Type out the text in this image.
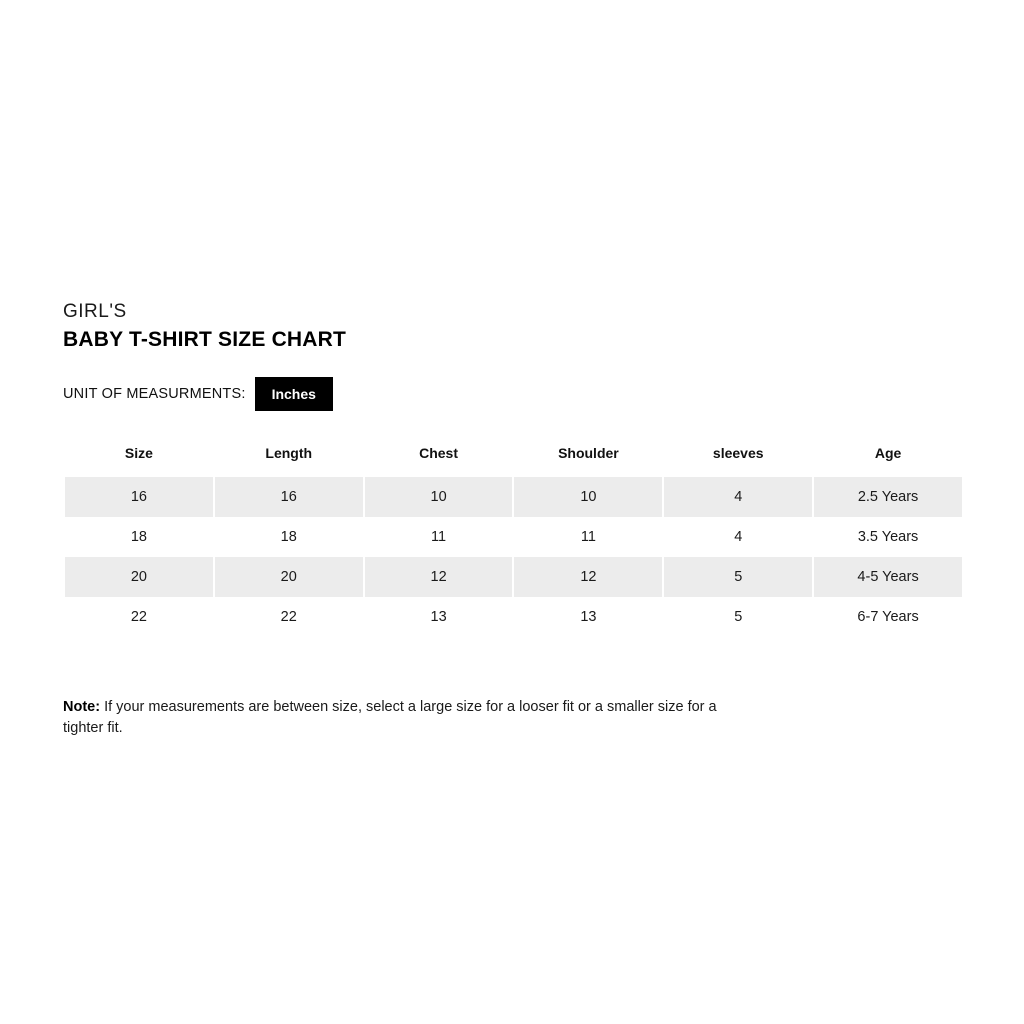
GIRL'S
BABY T-SHIRT SIZE CHART
UNIT OF MEASURMENTS:	Inches
Size	Length	Chest	Shoulder	sleeves	Age
16	16	10	10	4	2.5 Years
18	18	11	11	4	3.5 Years
20	20	12	12	5	4-5 Years
22	22	13	13	5	6-7 Years
Note: If your measurements are between size, select a large size for a looser fit or a smaller size for a tighter fit.
